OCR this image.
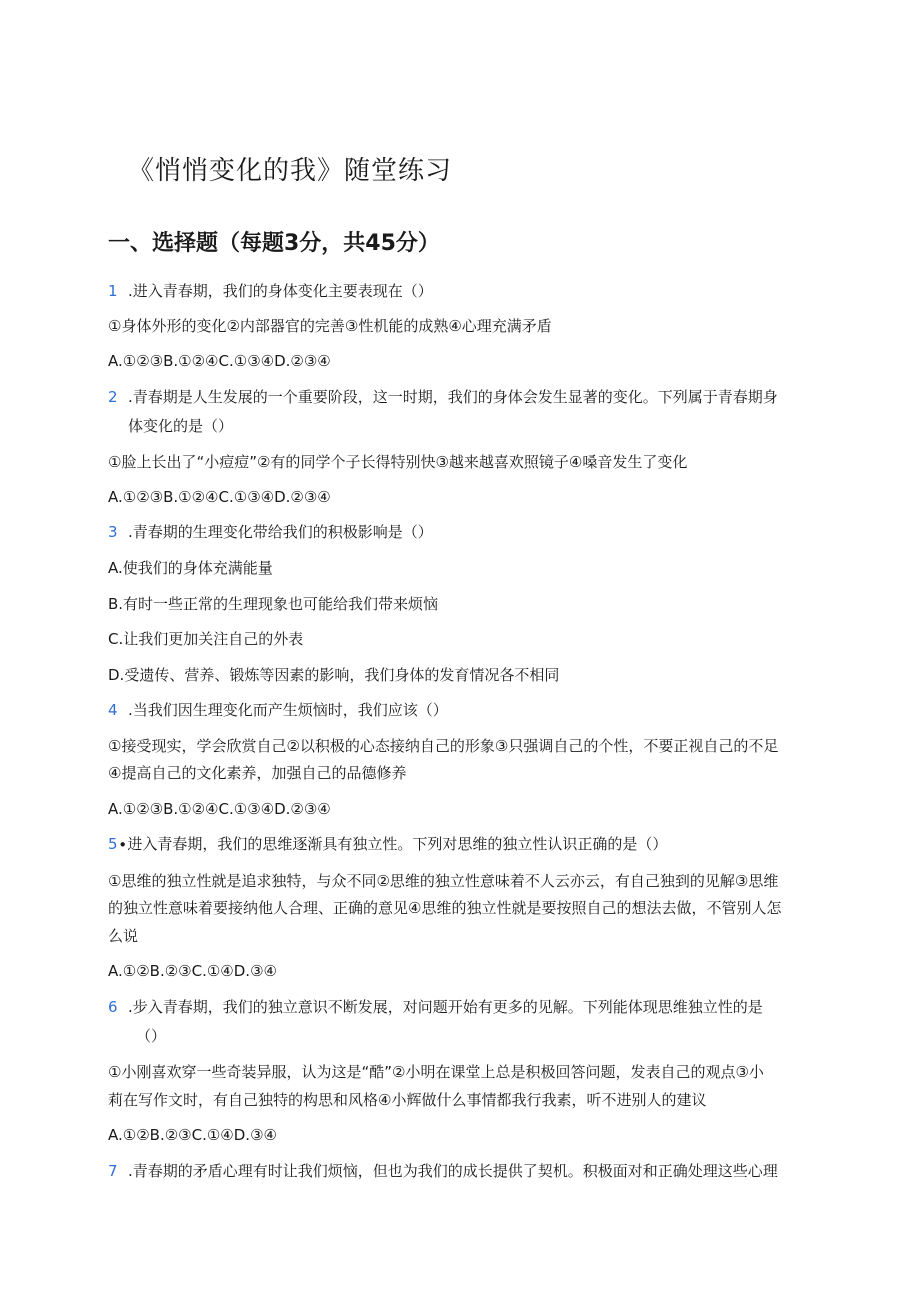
《悄悄变化的我》随堂练习
一、选择题（每题3分，共45分）
1 .进入青春期，我们的身体变化主要表现在（）
①身体外形的变化②内部器官的完善③性机能的成熟④心理充满矛盾
A.①②③B.①②④C.①③④D.②③④
2 .青春期是人生发展的一个重要阶段，这一时期，我们的身体会发生显著的变化。下列属于青春期身
体变化的是（）
①脸上长出了“小痘痘”②有的同学个子长得特别快③越来越喜欢照镜子④嗓音发生了变化
A.①②③B.①②④C.①③④D.②③④
3 .青春期的生理变化带给我们的积极影响是（）
A.使我们的身体充满能量
B.有时一些正常的生理现象也可能给我们带来烦恼
C.让我们更加关注自己的外表
D.受遗传、营养、锻炼等因素的影响，我们身体的发育情况各不相同
4 .当我们因生理变化而产生烦恼时，我们应该（）
①接受现实，学会欣赏自己②以积极的心态接纳自己的形象③只强调自己的个性，不要正视自己的不足
④提高自己的文化素养，加强自己的品德修养
A.①②③B.①②④C.①③④D.②③④
5∙进入青春期，我们的思维逐渐具有独立性。下列对思维的独立性认识正确的是（）
①思维的独立性就是追求独特，与众不同②思维的独立性意味着不人云亦云，有自己独到的见解③思维
的独立性意味着要接纳他人合理、正确的意见④思维的独立性就是要按照自己的想法去做，不管别人怎
么说
A.①②B.②③C.①④D.③④
6 .步入青春期，我们的独立意识不断发展，对问题开始有更多的见解。下列能体现思维独立性的是
（）
①小刚喜欢穿一些奇装异服，认为这是“酷”②小明在课堂上总是积极回答问题，发表自己的观点③小
莉在写作文时，有自己独特的构思和风格④小辉做什么事情都我行我素，听不进别人的建议
A.①②B.②③C.①④D.③④
7 .青春期的矛盾心理有时让我们烦恼，但也为我们的成长提供了契机。积极面对和正确处理这些心理
